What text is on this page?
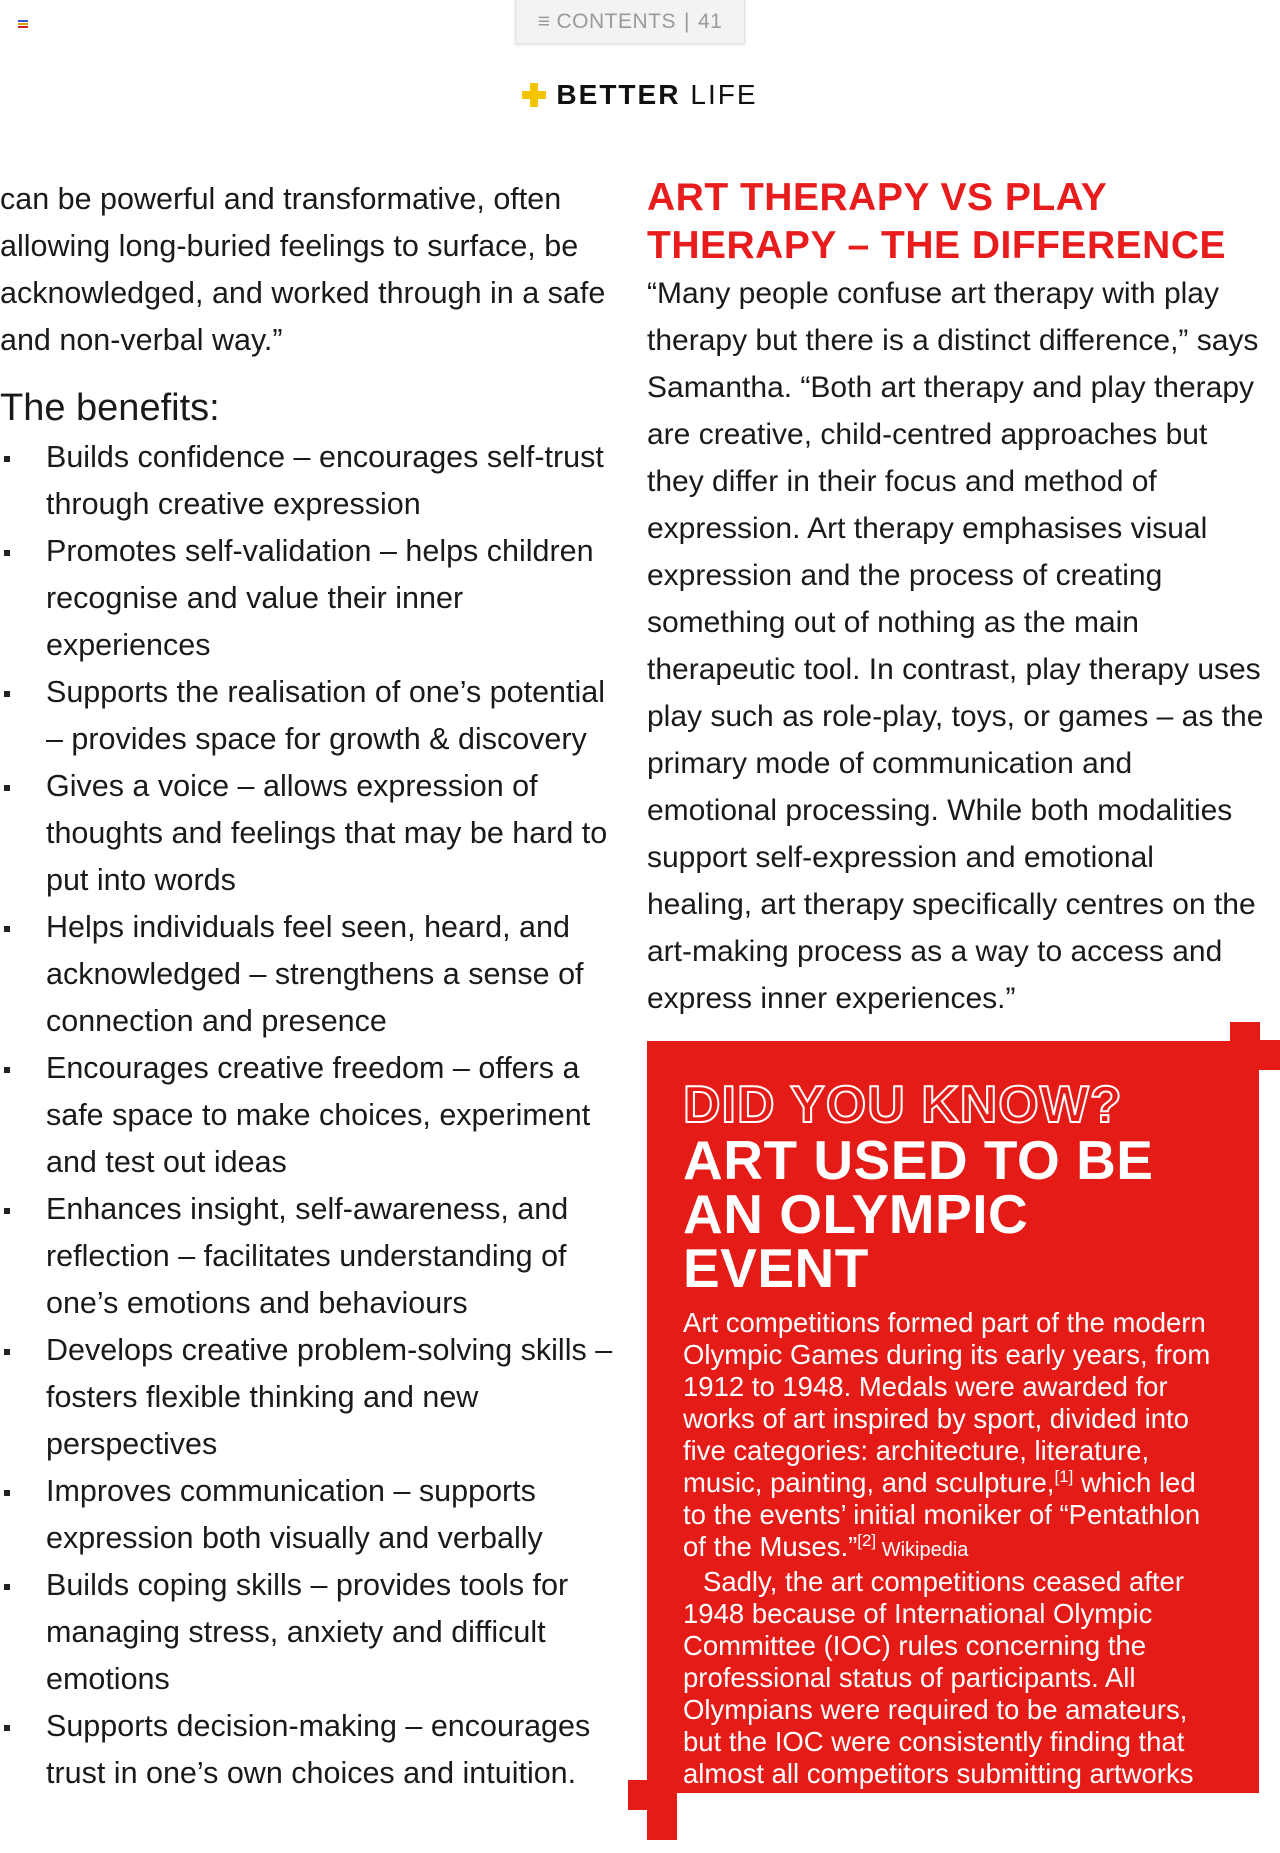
≡ CONTENTS | 41
BETTER LIFE

can be powerful and transformative, often allowing long-buried feelings to surface, be acknowledged, and worked through in a safe and non-verbal way.”

The benefits:

Builds confidence – encourages self-trust through creative expression
Promotes self-validation – helps children recognise and value their inner experiences
Supports the realisation of one’s potential – provides space for growth & discovery
Gives a voice – allows expression of thoughts and feelings that may be hard to put into words
Helps individuals feel seen, heard, and acknowledged – strengthens a sense of connection and presence
Encourages creative freedom – offers a safe space to make choices, experiment and test out ideas
Enhances insight, self-awareness, and reflection – facilitates understanding of one’s emotions and behaviours
Develops creative problem-solving skills – fosters flexible thinking and new perspectives
Improves communication – supports expression both visually and verbally
Builds coping skills – provides tools for managing stress, anxiety and difficult emotions
Supports decision-making – encourages trust in one’s own choices and intuition.
ART THERAPY VS PLAY THERAPY – THE DIFFERENCE

“Many people confuse art therapy with play therapy but there is a distinct difference,” says Samantha. “Both art therapy and play therapy are creative, child-centred approaches but they differ in their focus and method of expression. Art therapy emphasises visual expression and the process of creating something out of nothing as the main therapeutic tool. In contrast, play therapy uses play such as role-play, toys, or games – as the primary mode of communication and emotional processing. While both modalities support self-expression and emotional healing, art therapy specifically centres on the art-making process as a way to access and express inner experiences.”

DID YOU KNOW?
ART USED TO BE AN OLYMPIC EVENT

Art competitions formed part of the modern Olympic Games during its early years, from 1912 to 1948. Medals were awarded for works of art inspired by sport, divided into five categories: architecture, literature, music, painting, and sculpture,[1] which led to the events’ initial moniker of “Pentathlon of the Muses.”[2] Wikipedia

Sadly, the art competitions ceased after 1948 because of International Olympic Committee (IOC) rules concerning the professional status of participants. All Olympians were required to be amateurs, but the IOC were consistently finding that almost all competitors submitting artworks were professional artists.

Source: https://news.artnet.com › art-world › art-bites-olympic
